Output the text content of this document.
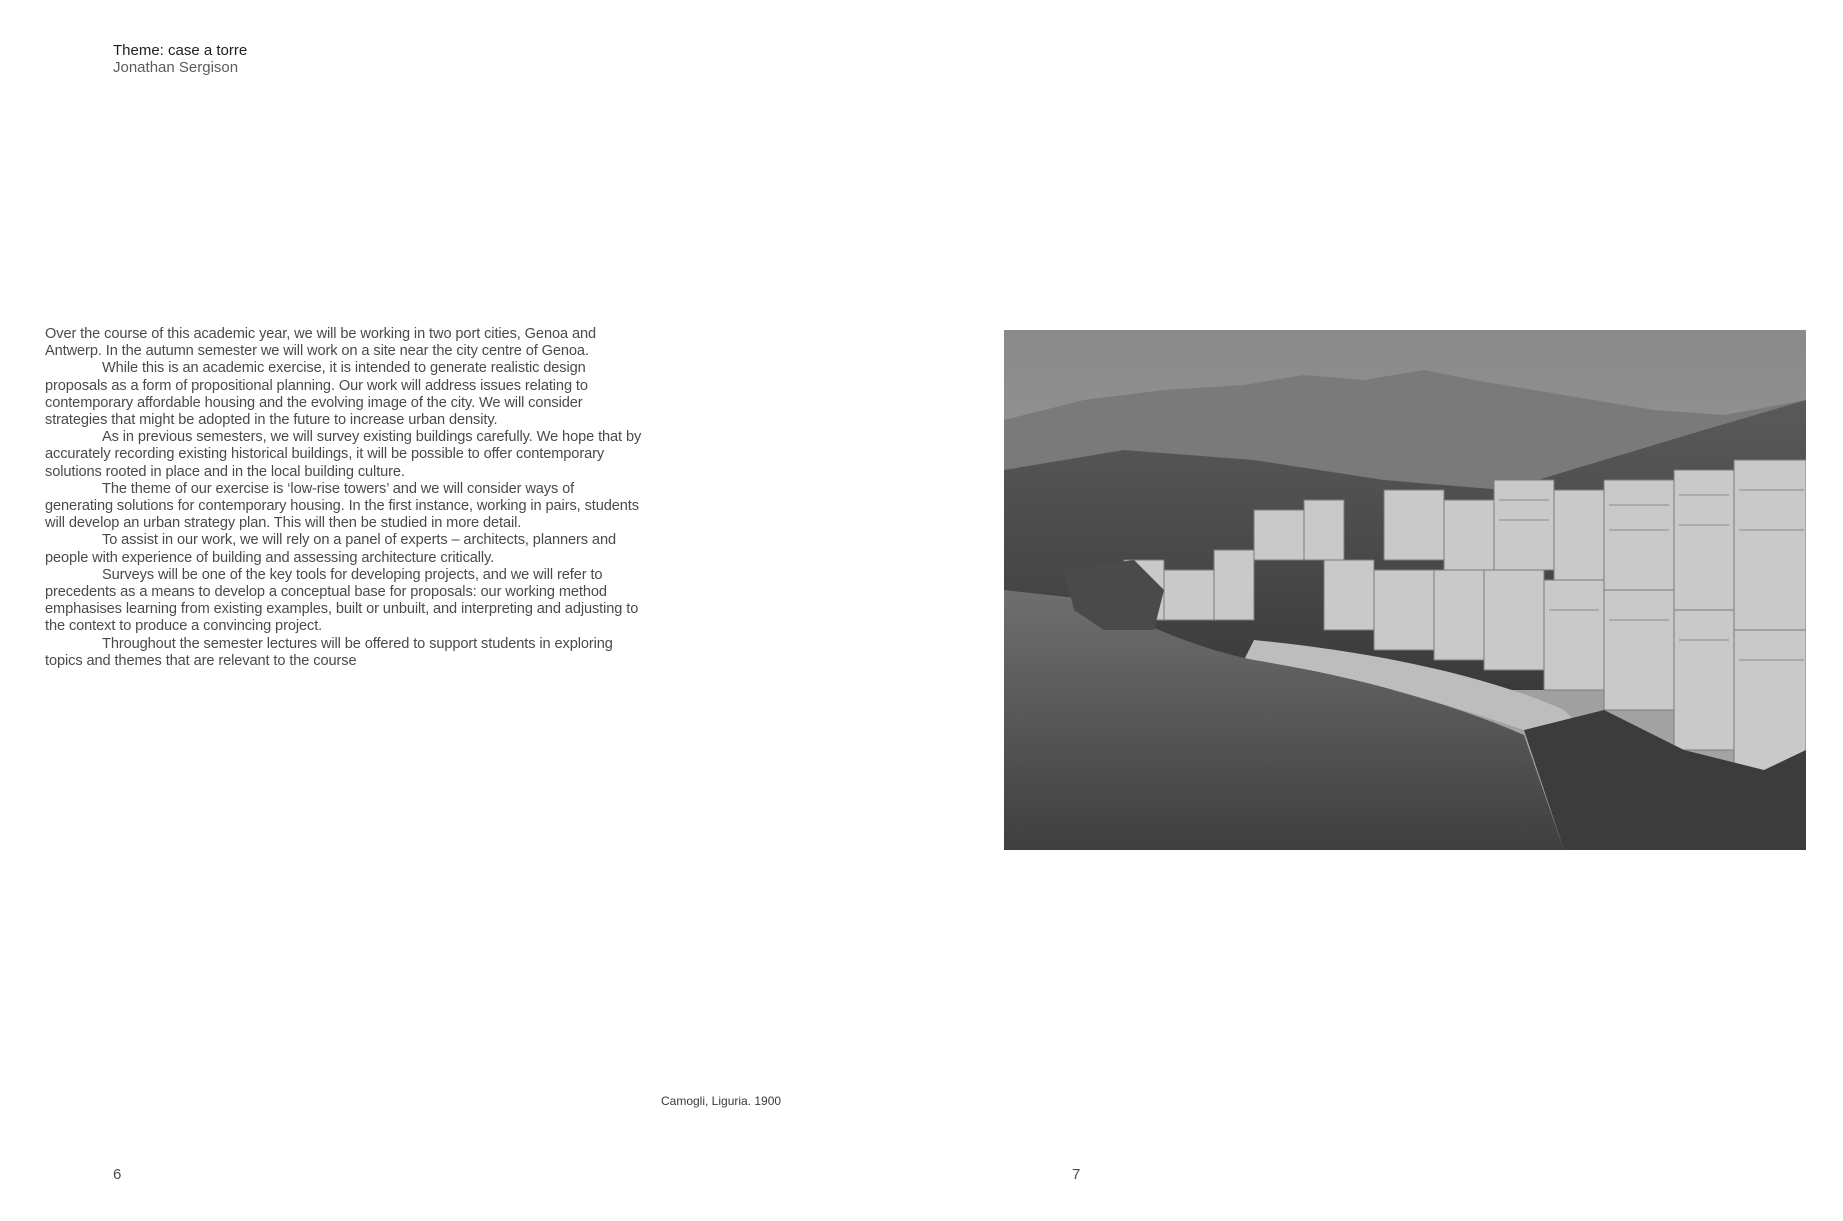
Theme: case a torre
Jonathan Sergison

Over the course of this academic year, we will be working in two port cities, Genoa and Antwerp. In the autumn semester we will work on a site near the city centre of Genoa.

While this is an academic exercise, it is intended to generate realistic design proposals as a form of propositional planning. Our work will address issues relating to contemporary affordable housing and the evolving image of the city. We will consider strategies that might be adopted in the future to increase urban density.

As in previous semesters, we will survey existing buildings carefully. We hope that by accurately recording existing historical buildings, it will be possible to offer contemporary solutions rooted in place and in the local building culture.

The theme of our exercise is ‘low-rise towers’ and we will consider ways of generating solutions for contemporary housing. In the first instance, working in pairs, students will develop an urban strategy plan. This will then be studied in more detail.

To assist in our work, we will rely on a panel of experts – architects, planners and people with experience of building and assessing architecture critically.

Surveys will be one of the key tools for developing projects, and we will refer to precedents as a means to develop a conceptual base for proposals: our working method emphasises learning from existing examples, built or unbuilt, and interpreting and adjusting to the context to produce a convincing project.

Throughout the semester lectures will be offered to support students in exploring topics and themes that are relevant to the course

Camogli, Liguria. 1900
6	7
